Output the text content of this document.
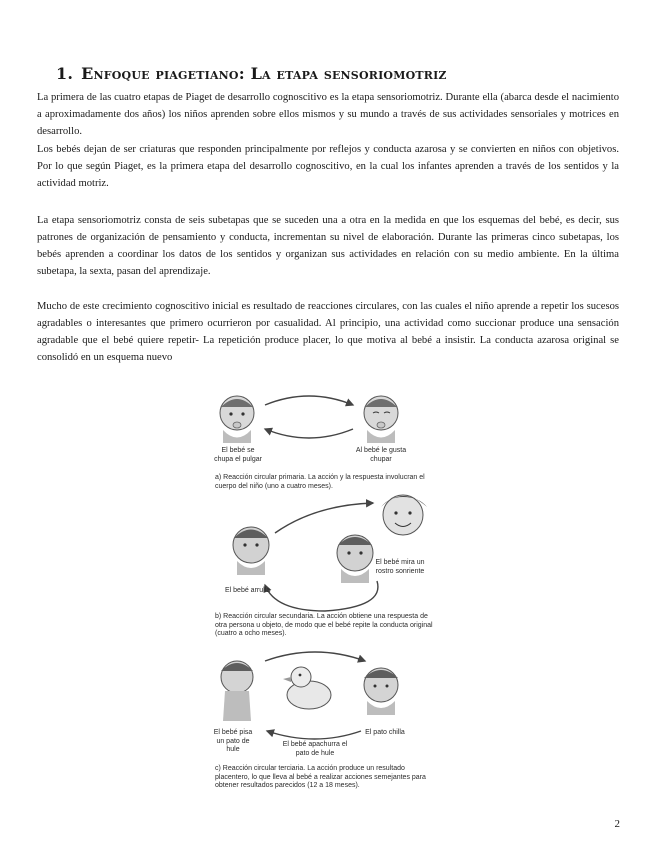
1. Enfoque piagetiano: La etapa sensoriomotriz

La primera de las cuatro etapas de Piaget de desarrollo cognoscitivo es la etapa sensoriomotriz. Durante ella (abarca desde el nacimiento a aproximadamente dos años) los niños aprenden sobre ellos mismos y su mundo a través de sus actividades sensoriales y motrices en desarrollo.

Los bebés dejan de ser criaturas que responden principalmente por reflejos y conducta azarosa y se convierten en niños con objetivos. Por lo que según Piaget, es la primera etapa del desarrollo cognoscitivo, en la cual los infantes aprenden a través de los sentidos y la actividad motriz.

La etapa sensoriomotriz consta de seis subetapas que se suceden una a otra en la medida en que los esquemas del bebé, es decir, sus patrones de organización de pensamiento y conducta, incrementan su nivel de elaboración. Durante las primeras cinco subetapas, los bebés aprenden a coordinar los datos de los sentidos y organizan sus actividades en relación con su medio ambiente. En la última subetapa, la sexta, pasan del aprendizaje.

Mucho de este crecimiento cognoscitivo inicial es resultado de reacciones circulares, con las cuales el niño aprende a repetir los sucesos agradables o interesantes que primero ocurrieron por casualidad. Al principio, una actividad como succionar produce una sensación agradable que el bebé quiere repetir- La repetición produce placer, lo que motiva al bebé a insistir. La conducta azarosa original se consolidó en un esquema nuevo

El bebé se chupa el pulgar
Al bebé le gusta chupar
a) Reacción circular primaria. La acción y la respuesta involucran el cuerpo del niño (uno a cuatro meses).
El bebé arrulla
El bebé mira un rostro sonriente
b) Reacción circular secundaria. La acción obtiene una respuesta de otra persona u objeto, de modo que el bebé repite la conducta original (cuatro a ocho meses).
El bebé pisa un pato de hule
El bebé apachurra el pato de hule
El pato chilla
c) Reacción circular terciaria. La acción produce un resultado placentero, lo que lleva al bebé a realizar acciones semejantes para obtener resultados parecidos (12 a 18 meses).
2
